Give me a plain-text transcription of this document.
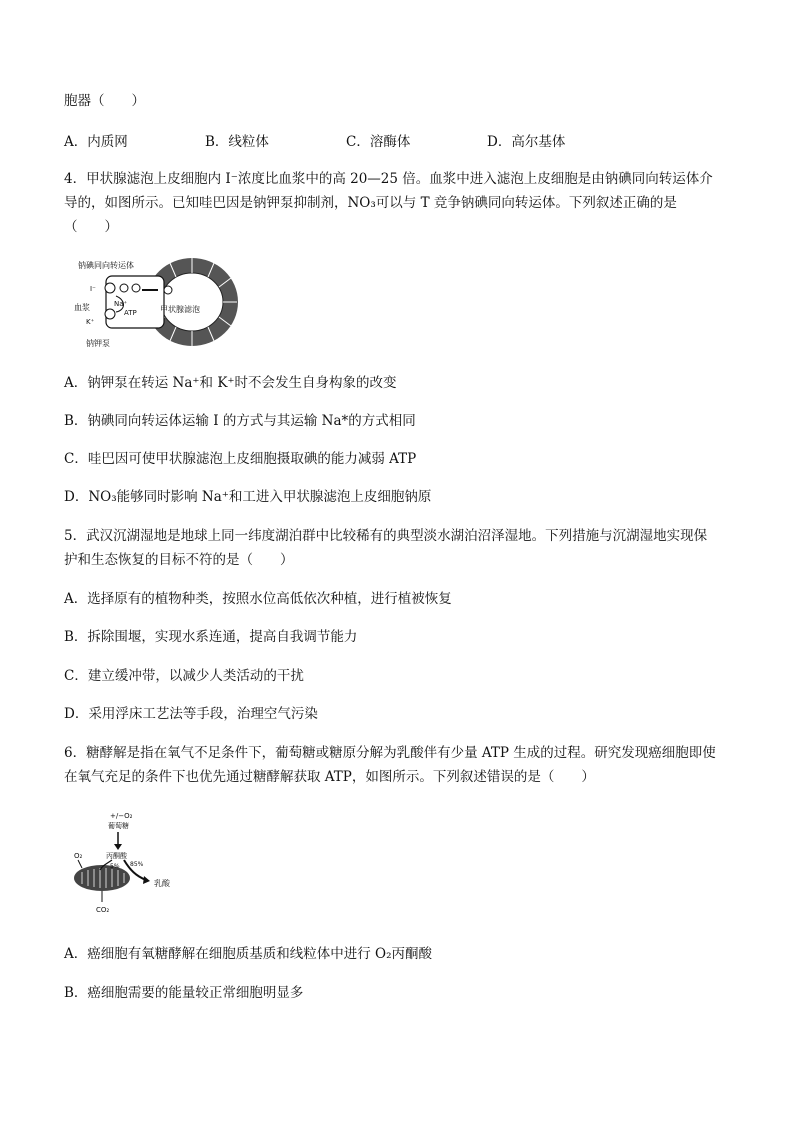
胞器（　　）
A．内质网	B．线粒体	C．溶酶体	D．高尔基体
4．甲状腺滤泡上皮细胞内 I⁻浓度比血浆中的高 20—25 倍。血浆中进入滤泡上皮细胞是由钠碘同向转运体介
导的，如图所示。已知哇巴因是钠钾泵抑制剂，NO₃可以与 T 竞争钠碘同向转运体。下列叙述正确的是
（　　）
钠碘同向转运体
血浆
钠钾泵
甲状腺滤泡
ATP
Na⁺
K⁺
I⁻
A．钠钾泵在转运 Na⁺和 K⁺时不会发生自身构象的改变
B．钠碘同向转运体运输 I 的方式与其运输 Na*的方式相同
C．哇巴因可使甲状腺滤泡上皮细胞摄取碘的能力减弱 ATP
D．NO₃能够同时影响 Na⁺和工进入甲状腺滤泡上皮细胞钠原
5．武汉沉湖湿地是地球上同一纬度湖泊群中比较稀有的典型淡水湖泊沼泽湿地。下列措施与沉湖湿地实现保
护和生态恢复的目标不符的是（　　）
A．选择原有的植物种类，按照水位高低依次种植，进行植被恢复
B．拆除围堰，实现水系连通，提高自我调节能力
C．建立缓冲带，以减少人类活动的干扰
D．采用浮床工艺法等手段，治理空气污染
6．糖酵解是指在氧气不足条件下，葡萄糖或糖原分解为乳酸伴有少量 ATP 生成的过程。研究发现癌细胞即使
在氧气充足的条件下也优先通过糖酵解获取 ATP，如图所示。下列叙述错误的是（　　）
+/−O₂
葡萄糖
丙酮酸
O₂
5% 85%
乳酸
CO₂
A．癌细胞有氧糖酵解在细胞质基质和线粒体中进行 O₂丙酮酸
B．癌细胞需要的能量较正常细胞明显多
